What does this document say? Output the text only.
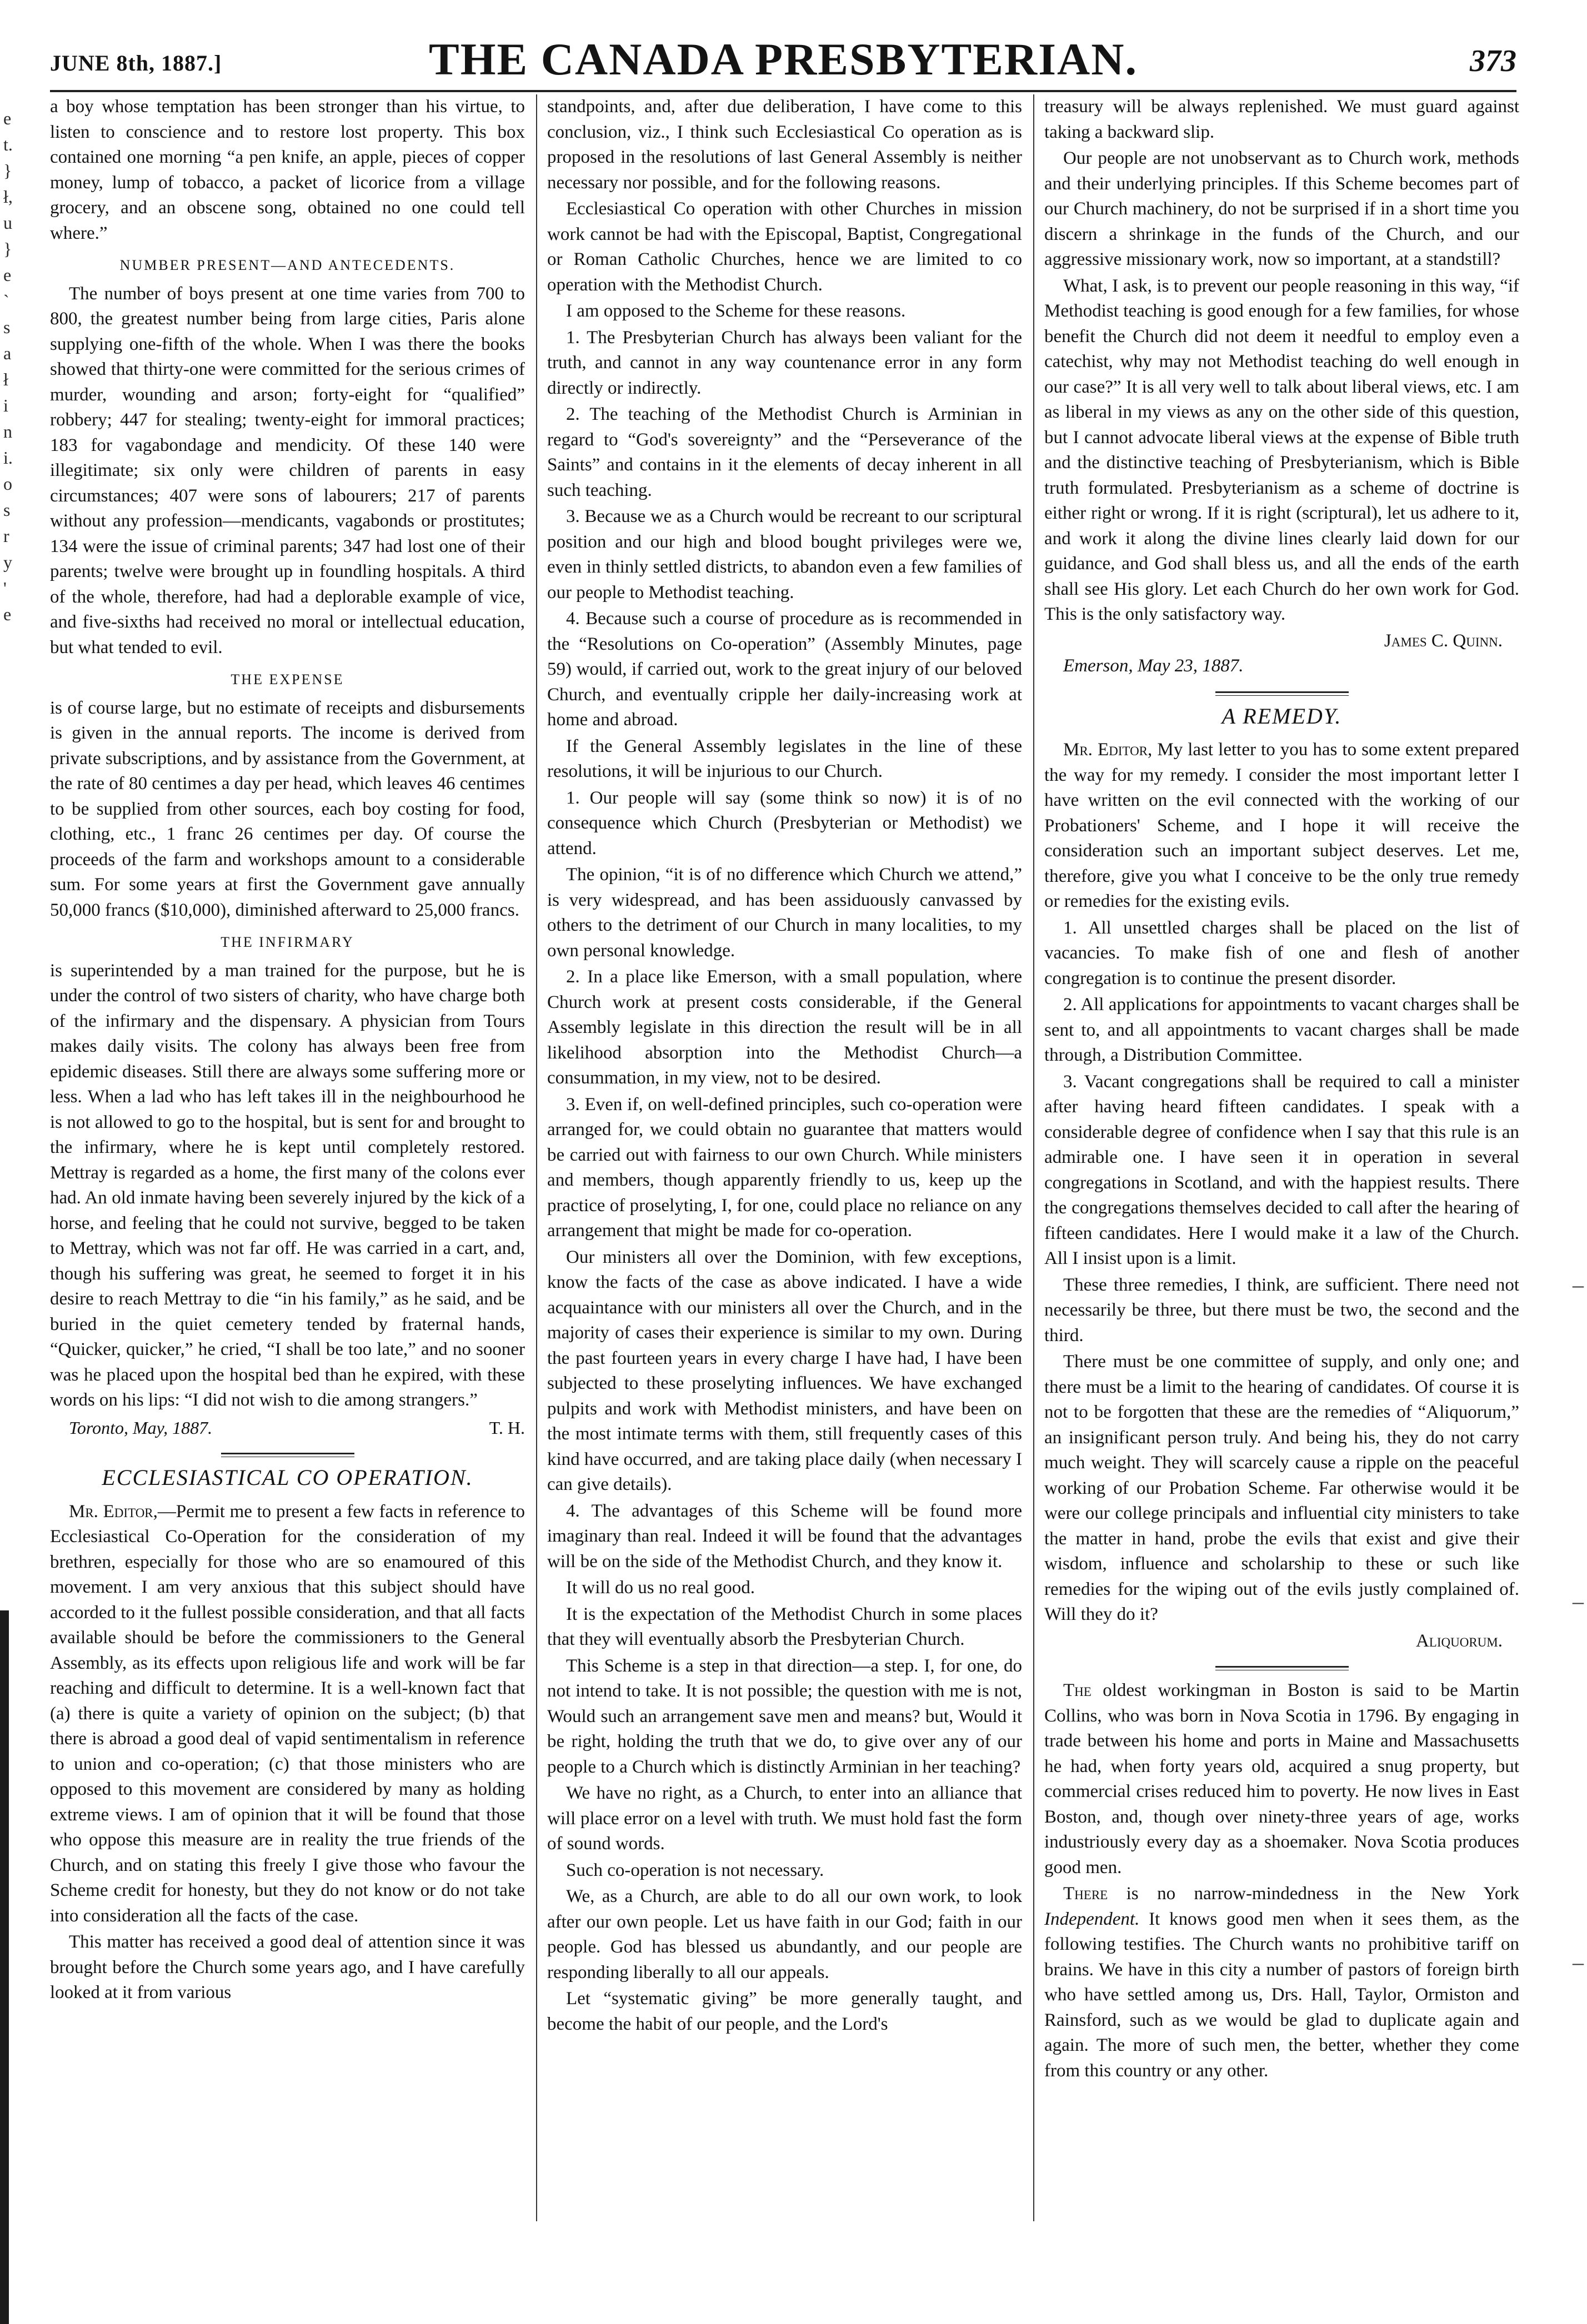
e
t.
}
ł,
u
}
e
`
s
a
ł
i
n
i.
o
s
r
y
'
e
–
–
–
JUNE 8th, 1887.]	THE CANADA PRESBYTERIAN.	373

a boy whose temptation has been stronger than his virtue, to listen to conscience and to restore lost property. This box contained one morning “a pen knife, an apple, pieces of copper money, lump of tobacco, a packet of licorice from a village grocery, and an obscene song, obtained no one could tell where.”

NUMBER PRESENT—AND ANTECEDENTS.

The number of boys present at one time varies from 700 to 800, the greatest number being from large cities, Paris alone supplying one-fifth of the whole. When I was there the books showed that thirty-one were committed for the serious crimes of murder, wounding and arson; forty-eight for “qualified” robbery; 447 for stealing; twenty-eight for immoral practices; 183 for vagabondage and mendicity. Of these 140 were illegitimate; six only were children of parents in easy circumstances; 407 were sons of labourers; 217 of parents without any profession—mendicants, vagabonds or prostitutes; 134 were the issue of criminal parents; 347 had lost one of their parents; twelve were brought up in foundling hospitals. A third of the whole, therefore, had had a deplorable example of vice, and five-sixths had received no moral or intellectual education, but what tended to evil.

THE EXPENSE

is of course large, but no estimate of receipts and disbursements is given in the annual reports. The income is derived from private subscriptions, and by assistance from the Government, at the rate of 80 centimes a day per head, which leaves 46 centimes to be supplied from other sources, each boy costing for food, clothing, etc., 1 franc 26 centimes per day. Of course the proceeds of the farm and workshops amount to a considerable sum. For some years at first the Government gave annually 50,000 francs ($10,000), diminished afterward to 25,000 francs.

THE INFIRMARY

is superintended by a man trained for the purpose, but he is under the control of two sisters of charity, who have charge both of the infirmary and the dispensary. A physician from Tours makes daily visits. The colony has always been free from epidemic diseases. Still there are always some suffering more or less. When a lad who has left takes ill in the neighbourhood he is not allowed to go to the hospital, but is sent for and brought to the infirmary, where he is kept until completely restored. Mettray is regarded as a home, the first many of the colons ever had. An old inmate having been severely injured by the kick of a horse, and feeling that he could not survive, begged to be taken to Mettray, which was not far off. He was carried in a cart, and, though his suffering was great, he seemed to forget it in his desire to reach Mettray to die “in his family,” as he said, and be buried in the quiet cemetery tended by fraternal hands, “Quicker, quicker,” he cried, “I shall be too late,” and no sooner was he placed upon the hospital bed than he expired, with these words on his lips: “I did not wish to die among strangers.”

Toronto, May, 1887.	T. H.
ECCLESIASTICAL CO OPERATION.

Mr. Editor,—Permit me to present a few facts in reference to Ecclesiastical Co-Operation for the consideration of my brethren, especially for those who are so enamoured of this movement. I am very anxious that this subject should have accorded to it the fullest possible consideration, and that all facts available should be before the commissioners to the General Assembly, as its effects upon religious life and work will be far reaching and difficult to determine. It is a well-known fact that (a) there is quite a variety of opinion on the subject; (b) that there is abroad a good deal of vapid sentimentalism in reference to union and co-operation; (c) that those ministers who are opposed to this movement are considered by many as holding extreme views. I am of opinion that it will be found that those who oppose this measure are in reality the true friends of the Church, and on stating this freely I give those who favour the Scheme credit for honesty, but they do not know or do not take into consideration all the facts of the case.

This matter has received a good deal of attention since it was brought before the Church some years ago, and I have carefully looked at it from various

standpoints, and, after due deliberation, I have come to this conclusion, viz., I think such Ecclesiastical Co operation as is proposed in the resolutions of last General Assembly is neither necessary nor possible, and for the following reasons.

Ecclesiastical Co operation with other Churches in mission work cannot be had with the Episcopal, Baptist, Congregational or Roman Catholic Churches, hence we are limited to co operation with the Methodist Church.

I am opposed to the Scheme for these reasons.

1. The Presbyterian Church has always been valiant for the truth, and cannot in any way countenance error in any form directly or indirectly.

2. The teaching of the Methodist Church is Arminian in regard to “God's sovereignty” and the “Perseverance of the Saints” and contains in it the elements of decay inherent in all such teaching.

3. Because we as a Church would be recreant to our scriptural position and our high and blood bought privileges were we, even in thinly settled districts, to abandon even a few families of our people to Methodist teaching.

4. Because such a course of procedure as is recommended in the “Resolutions on Co-operation” (Assembly Minutes, page 59) would, if carried out, work to the great injury of our beloved Church, and eventually cripple her daily-increasing work at home and abroad.

If the General Assembly legislates in the line of these resolutions, it will be injurious to our Church.

1. Our people will say (some think so now) it is of no consequence which Church (Presbyterian or Methodist) we attend.

The opinion, “it is of no difference which Church we attend,” is very widespread, and has been assiduously canvassed by others to the detriment of our Church in many localities, to my own personal knowledge.

2. In a place like Emerson, with a small population, where Church work at present costs considerable, if the General Assembly legislate in this direction the result will be in all likelihood absorption into the Methodist Church—a consummation, in my view, not to be desired.

3. Even if, on well-defined principles, such co-operation were arranged for, we could obtain no guarantee that matters would be carried out with fairness to our own Church. While ministers and members, though apparently friendly to us, keep up the practice of proselyting, I, for one, could place no reliance on any arrangement that might be made for co-operation.

Our ministers all over the Dominion, with few exceptions, know the facts of the case as above indicated. I have a wide acquaintance with our ministers all over the Church, and in the majority of cases their experience is similar to my own. During the past fourteen years in every charge I have had, I have been subjected to these proselyting influences. We have exchanged pulpits and work with Methodist ministers, and have been on the most intimate terms with them, still frequently cases of this kind have occurred, and are taking place daily (when necessary I can give details).

4. The advantages of this Scheme will be found more imaginary than real. Indeed it will be found that the advantages will be on the side of the Methodist Church, and they know it.

It will do us no real good.

It is the expectation of the Methodist Church in some places that they will eventually absorb the Presbyterian Church.

This Scheme is a step in that direction—a step. I, for one, do not intend to take. It is not possible; the question with me is not, Would such an arrangement save men and means? but, Would it be right, holding the truth that we do, to give over any of our people to a Church which is distinctly Arminian in her teaching?

We have no right, as a Church, to enter into an alliance that will place error on a level with truth. We must hold fast the form of sound words.

Such co-operation is not necessary.

We, as a Church, are able to do all our own work, to look after our own people. Let us have faith in our God; faith in our people. God has blessed us abundantly, and our people are responding liberally to all our appeals.

Let “systematic giving” be more generally taught, and become the habit of our people, and the Lord's

treasury will be always replenished. We must guard against taking a backward slip.

Our people are not unobservant as to Church work, methods and their underlying principles. If this Scheme becomes part of our Church machinery, do not be surprised if in a short time you discern a shrinkage in the funds of the Church, and our aggressive missionary work, now so important, at a standstill?

What, I ask, is to prevent our people reasoning in this way, “if Methodist teaching is good enough for a few families, for whose benefit the Church did not deem it needful to employ even a catechist, why may not Methodist teaching do well enough in our case?” It is all very well to talk about liberal views, etc. I am as liberal in my views as any on the other side of this question, but I cannot advocate liberal views at the expense of Bible truth and the distinctive teaching of Presbyterianism, which is Bible truth formulated. Presbyterianism as a scheme of doctrine is either right or wrong. If it is right (scriptural), let us adhere to it, and work it along the divine lines clearly laid down for our guidance, and God shall bless us, and all the ends of the earth shall see His glory. Let each Church do her own work for God. This is the only satisfactory way.

James C. Quinn.

Emerson, May 23, 1887.

A REMEDY.

Mr. Editor, My last letter to you has to some extent prepared the way for my remedy. I consider the most important letter I have written on the evil connected with the working of our Probationers' Scheme, and I hope it will receive the consideration such an important subject deserves. Let me, therefore, give you what I conceive to be the only true remedy or remedies for the existing evils.

1. All unsettled charges shall be placed on the list of vacancies. To make fish of one and flesh of another congregation is to continue the present disorder.

2. All applications for appointments to vacant charges shall be sent to, and all appointments to vacant charges shall be made through, a Distribution Committee.

3. Vacant congregations shall be required to call a minister after having heard fifteen candidates. I speak with a considerable degree of confidence when I say that this rule is an admirable one. I have seen it in operation in several congregations in Scotland, and with the happiest results. There the congregations themselves decided to call after the hearing of fifteen candidates. Here I would make it a law of the Church. All I insist upon is a limit.

These three remedies, I think, are sufficient. There need not necessarily be three, but there must be two, the second and the third.

There must be one committee of supply, and only one; and there must be a limit to the hearing of candidates. Of course it is not to be forgotten that these are the remedies of “Aliquorum,” an insignificant person truly. And being his, they do not carry much weight. They will scarcely cause a ripple on the peaceful working of our Probation Scheme. Far otherwise would it be were our college principals and influential city ministers to take the matter in hand, probe the evils that exist and give their wisdom, influence and scholarship to these or such like remedies for the wiping out of the evils justly complained of. Will they do it?

Aliquorum.

The oldest workingman in Boston is said to be Martin Collins, who was born in Nova Scotia in 1796. By engaging in trade between his home and ports in Maine and Massachusetts he had, when forty years old, acquired a snug property, but commercial crises reduced him to poverty. He now lives in East Boston, and, though over ninety-three years of age, works industriously every day as a shoemaker. Nova Scotia produces good men.

There is no narrow-mindedness in the New York Independent. It knows good men when it sees them, as the following testifies. The Church wants no prohibitive tariff on brains. We have in this city a number of pastors of foreign birth who have settled among us, Drs. Hall, Taylor, Ormiston and Rainsford, such as we would be glad to duplicate again and again. The more of such men, the better, whether they come from this country or any other.
